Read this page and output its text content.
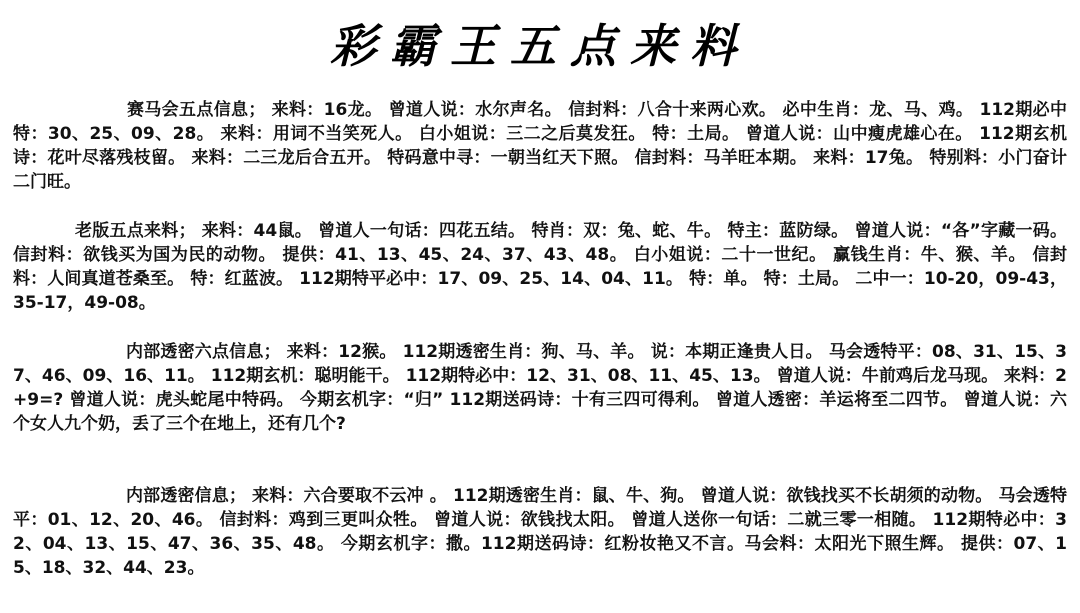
彩霸王五点来料
赛马会五点信息； 来料：16龙。 曾道人说：水尔声名。 信封料：八合十来两心欢。 必中生肖：龙、马、鸡。 112期必中特：30、25、09、28。 来料：用词不当笑死人。 白小姐说：三二之后莫发狂。 特：土局。 曾道人说：山中瘦虎雄心在。 112期玄机诗：花叶尽落残枝留。 来料：二三龙后合五开。 特码意中寻：一朝当红天下照。 信封料：马羊旺本期。 来料：17兔。 特别料：小门奋计二门旺。
老版五点来料； 来料：44鼠。 曾道人一句话：四花五结。 特肖：双：兔、蛇、牛。 特主：蓝防绿。 曾道人说：“各”字藏一码。信封料：欲钱买为国为民的动物。 提供：41、13、45、24、37、43、48。 白小姐说：二十一世纪。 赢钱生肖：牛、猴、羊。 信封料：人间真道苍桑至。 特：红蓝波。 112期特平必中：17、09、25、14、04、11。 特：单。 特：土局。 二中一：10-20，09-43，35-17，49-08。
内部透密六点信息； 来料：12猴。 112期透密生肖：狗、马、羊。 说：本期正逢贵人日。 马会透特平：08、31、15、37、46、09、16、11。 112期玄机：聪明能干。 112期特必中：12、31、08、11、45、13。 曾道人说：牛前鸡后龙马现。 来料：2+9=? 曾道人说：虎头蛇尾中特码。 今期玄机字：“归” 112期送码诗：十有三四可得利。 曾道人透密：羊运将至二四节。 曾道人说：六个女人九个奶，丢了三个在地上，还有几个?
内部透密信息； 来料：六合要取不云冲 。 112期透密生肖：鼠、牛、狗。 曾道人说：欲钱找买不长胡须的动物。 马会透特平：01、12、20、46。 信封料：鸡到三更叫众牲。 曾道人说：欲钱找太阳。 曾道人送你一句话：二就三零一相随。 112期特必中：32、04、13、15、47、36、35、48。 今期玄机字：撒。112期送码诗：红粉妆艳又不言。马会料：太阳光下照生辉。 提供：07、15、18、32、44、23。
